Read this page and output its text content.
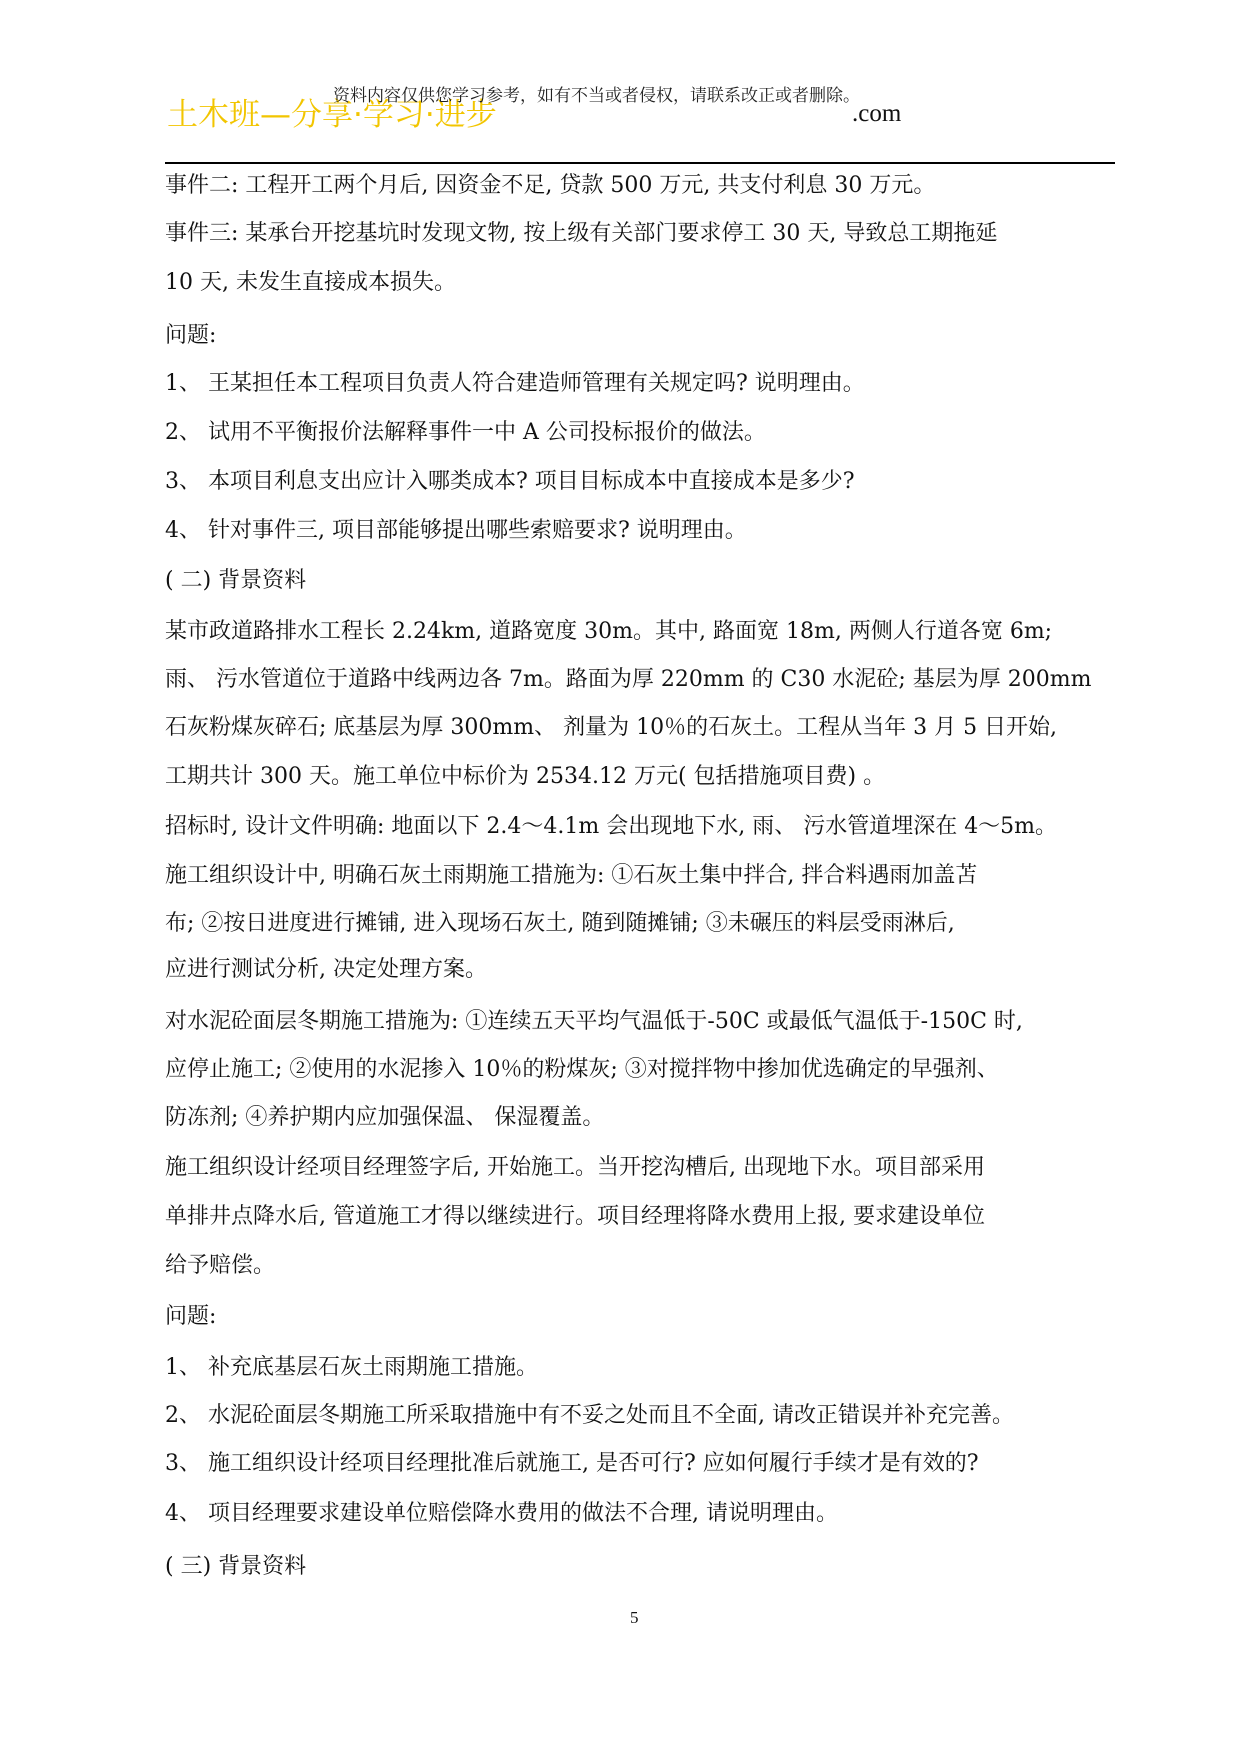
土木班—分享·学习·进步
资料内容仅供您学习参考，如有不当或者侵权，请联系改正或者删除。
.com
事件二: 工程开工两个月后, 因资金不足, 贷款 500 万元, 共支付利息 30 万元。
事件三: 某承台开挖基坑时发现文物, 按上级有关部门要求停工 30 天, 导致总工期拖延
10 天, 未发生直接成本损失。
问题:
1、 王某担任本工程项目负责人符合建造师管理有关规定吗? 说明理由。
2、 试用不平衡报价法解释事件一中 A 公司投标报价的做法。
3、 本项目利息支出应计入哪类成本? 项目目标成本中直接成本是多少?
4、 针对事件三, 项目部能够提出哪些索赔要求? 说明理由。
( 二) 背景资料
某市政道路排水工程长 2.24km, 道路宽度 30m。其中, 路面宽 18m, 两侧人行道各宽 6m;
雨、 污水管道位于道路中线两边各 7m。路面为厚 220mm 的 C30 水泥砼; 基层为厚 200mm
石灰粉煤灰碎石; 底基层为厚 300mm、 剂量为 10％的石灰土。工程从当年 3 月 5 日开始,
工期共计 300 天。施工单位中标价为 2534.12 万元( 包括措施项目费) 。
招标时, 设计文件明确: 地面以下 2.4～4.1m 会出现地下水, 雨、 污水管道埋深在 4～5m。
施工组织设计中, 明确石灰土雨期施工措施为: ①石灰土集中拌合, 拌合料遇雨加盖苫
布; ②按日进度进行摊铺, 进入现场石灰土, 随到随摊铺; ③未碾压的料层受雨淋后,
应进行测试分析, 决定处理方案。
对水泥砼面层冬期施工措施为: ①连续五天平均气温低于-50C 或最低气温低于-150C 时,
应停止施工; ②使用的水泥掺入 10％的粉煤灰; ③对搅拌物中掺加优选确定的早强剂、
防冻剂; ④养护期内应加强保温、 保湿覆盖。
施工组织设计经项目经理签字后, 开始施工。当开挖沟槽后, 出现地下水。项目部采用
单排井点降水后, 管道施工才得以继续进行。项目经理将降水费用上报, 要求建设单位
给予赔偿。
问题:
1、 补充底基层石灰土雨期施工措施。
2、 水泥砼面层冬期施工所采取措施中有不妥之处而且不全面, 请改正错误并补充完善。
3、 施工组织设计经项目经理批准后就施工, 是否可行? 应如何履行手续才是有效的?
4、 项目经理要求建设单位赔偿降水费用的做法不合理, 请说明理由。
( 三) 背景资料
5
